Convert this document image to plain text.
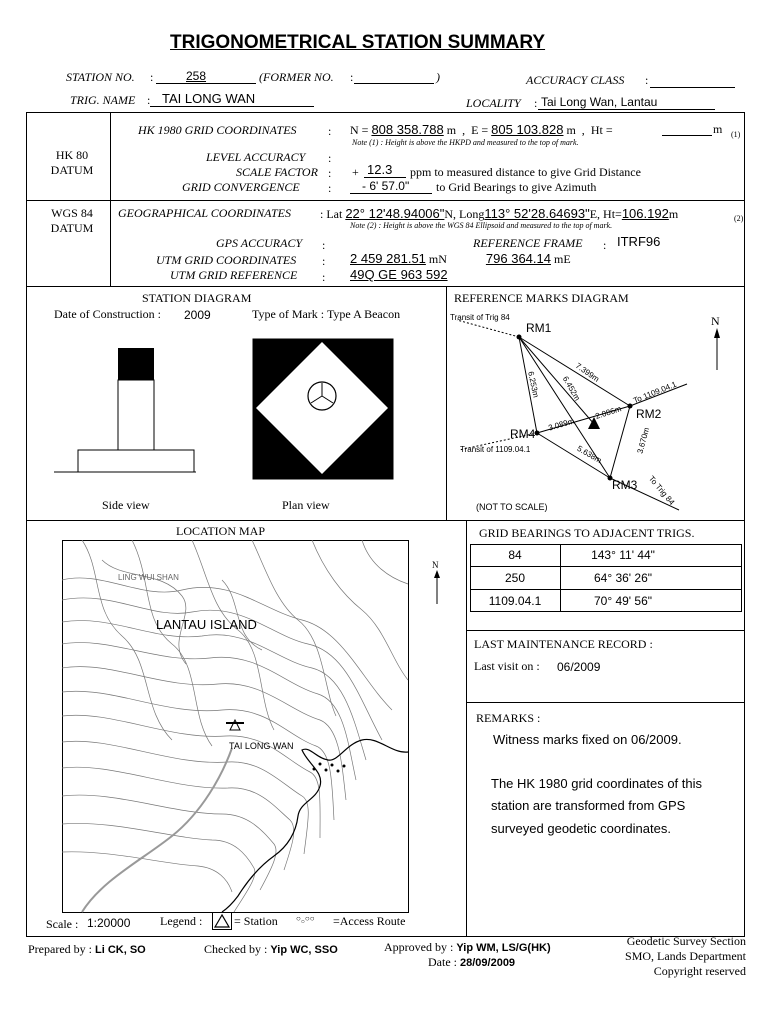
TRIGONOMETRICAL STATION SUMMARY
STATION NO. :	258	(FORMER NO. :	)	ACCURACY CLASS :
TRIG. NAME : TAI LONG WAN	LOCALITY : Tai Long Wan, Lantau
HK 80
DATUM
HK 1980 GRID COORDINATES	: N = 808 358.788 m  ,  E = 805 103.828 m  ,  Ht =	m (1)
Note (1) : Height is above the HKPD and measured to the top of mark.
LEVEL ACCURACY :
SCALE FACTOR : + 12.3 ppm to measured distance to give Grid Distance
GRID CONVERGENCE :	- 6' 57.0" to Grid Bearings to give Azimuth
WGS 84
DATUM
GEOGRAPHICAL COORDINATES : Lat 22° 12'48.94006"N, Long113° 52'28.64693"E, Ht=106.192m	(2)
Note (2) : Height is above the WGS 84 Ellipsoid and measured to the top of mark.
GPS ACCURACY :	REFERENCE FRAME : ITRF96
UTM GRID COORDINATES : 2 459 281.51 mN             796 364.14 mE
UTM GRID REFERENCE : 49Q GE 963 592
STATION DIAGRAM
Date of Construction : 2009	Type of Mark : Type A Beacon
Side view	Plan view
REFERENCE MARKS DIAGRAM
Transit of Trig 84
RM1
RM2
RM3
RM4
To 1109.04.1
To Trig 84
Transit of 1109.04.1
7.399m
6.452m
6.253m
2.086m
3.089m
3.670m
5.638m
N
(NOT TO SCALE)
LOCATION MAP
LING WUI SHAN
LANTAU ISLAND
TAI LONG WAN
N
Scale : 1:20000 Legend :	= Station $○_○○○$ =Access Route
GRID BEARINGS TO ADJACENT TRIGS.
84	143° 11' 44"
250	64° 36' 26"
1109.04.1	70° 49' 56"
LAST MAINTENANCE RECORD :
Last visit on : 06/2009
REMARKS :
Witness marks fixed on 06/2009.
The HK 1980 grid coordinates of this
station are transformed from GPS
surveyed geodetic coordinates.
Prepared by : Li CK, SO	Checked by : Yip WC, SSO	Approved by : Yip WM, LS/G(HK)
Date : 28/09/2009
Geodetic Survey Section
SMO, Lands Department
Copyright reserved
